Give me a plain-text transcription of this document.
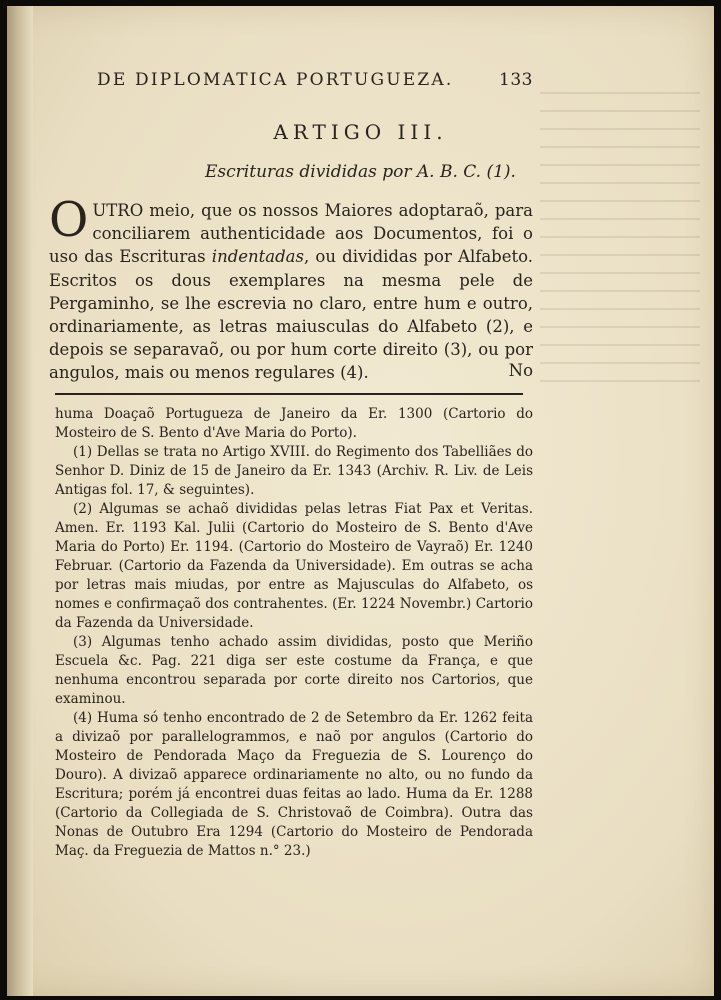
DE DIPLOMATICA PORTUGUEZA.	133
ARTIGO III.
Escrituras divididas por A. B. C. (1).
OUTRO meio, que os nossos Maiores adoptaraõ, para conciliarem authenticidade aos Documentos, foi o uso das Escrituras indentadas, ou divididas por Alfabeto. Escritos os dous exemplares na mesma pele de Pergaminho, se lhe escrevia no claro, entre hum e outro, ordinariamente, as letras maiusculas do Alfabeto (2), e depois se separavaõ, ou por hum corte direito (3), ou por angulos, mais ou menos regulares (4).	No

huma Doaçaõ Portugueza de Janeiro da Er. 1300 (Cartorio do Mosteiro de S. Bento d'Ave Maria do Porto).

(1) Dellas se trata no Artigo XVIII. do Regimento dos Tabelliães do Senhor D. Diniz de 15 de Janeiro da Er. 1343 (Archiv. R. Liv. de Leis Antigas fol. 17, & seguintes).

(2) Algumas se achaõ divididas pelas letras Fiat Pax et Veritas. Amen. Er. 1193 Kal. Julii (Cartorio do Mosteiro de S. Bento d'Ave Maria do Porto) Er. 1194. (Cartorio do Mosteiro de Vayraõ) Er. 1240 Februar. (Cartorio da Fazenda da Universidade). Em outras se acha por letras mais miudas, por entre as Majusculas do Alfabeto, os nomes e confirmaçaõ dos contrahentes. (Er. 1224 Novembr.) Cartorio da Fazenda da Universidade.

(3) Algumas tenho achado assim divididas, posto que Meriño Escuela &c. Pag. 221 diga ser este costume da França, e que nenhuma encontrou separada por corte direito nos Cartorios, que examinou.

(4) Huma só tenho encontrado de 2 de Setembro da Er. 1262 feita a divizaõ por parallelogrammos, e naõ por angulos (Cartorio do Mosteiro de Pendorada Maço da Freguezia de S. Lourenço do Douro). A divizaõ apparece ordinariamente no alto, ou no fundo da Escritura; porém já encontrei duas feitas ao lado. Huma da Er. 1288 (Cartorio da Collegiada de S. Christovaõ de Coimbra). Outra das Nonas de Outubro Era 1294 (Cartorio do Mosteiro de Pendorada Maç. da Freguezia de Mattos n.° 23.)
